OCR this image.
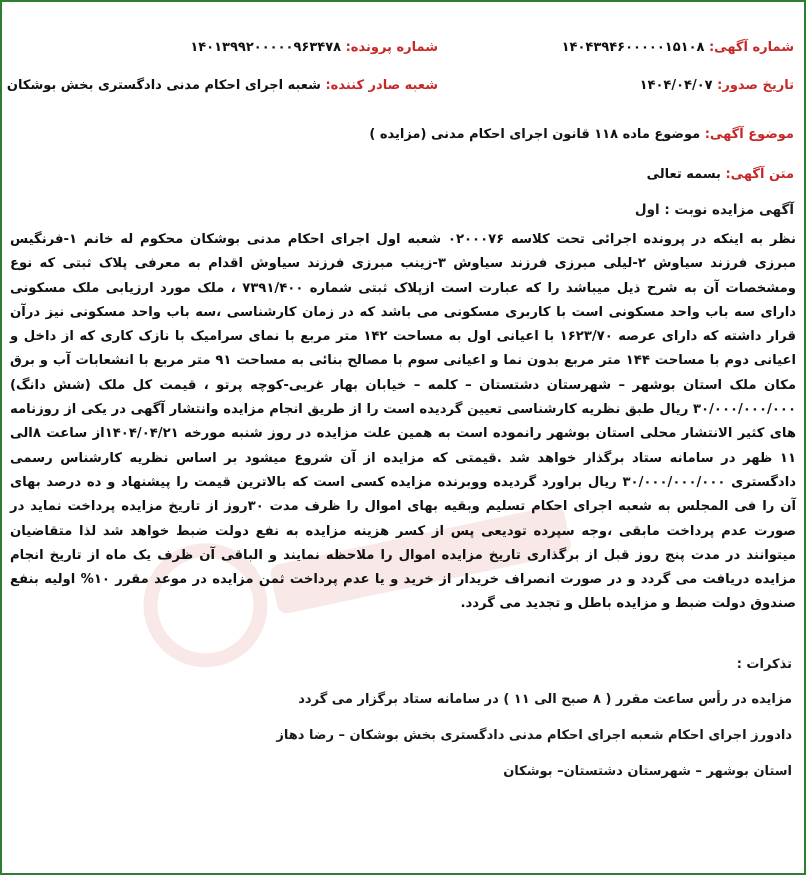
شماره آگهی: ۱۴۰۴۳۹۴۶۰۰۰۰۰۱۵۱۰۸
شماره پرونده: ۱۴۰۱۳۹۹۲۰۰۰۰۰۹۶۳۴۷۸
تاریخ صدور: ۱۴۰۴/۰۴/۰۷
شعبه صادر کننده: شعبه اجرای احکام مدنی دادگستری بخش بوشکان
موضوع آگهی: موضوع ماده ۱۱۸ قانون اجرای احکام مدنی (مزایده )
متن آگهی: بسمه تعالی
آگهی مزایده نوبت : اول
نظر به اینکه در پرونده اجرائی تحت کلاسه ۰۲۰۰۰۷۶ شعبه اول اجرای احکام مدنی بوشکان محکوم له خانم ۱-فرنگیس مبرزی فرزند سیاوش ۲-لیلی مبرزی فرزند سیاوش ۳-زینب مبرزی فرزند سیاوش اقدام به معرفی پلاک ثبتی که نوع ومشخصات آن به شرح ذیل میباشد را که عبارت است ازپلاک ثبتی شماره ۷۳۹۱/۴۰۰ ، ملک مورد ارزیابی ملک مسکونی دارای سه باب واحد مسکونی است با کاربری مسکونی می باشد که در زمان کارشناسی ،سه باب واحد مسکونی نیز درآن قرار داشته که دارای عرصه ۱۶۲۳/۷۰ با اعیانی اول به مساحت ۱۴۲ متر مربع با نمای سرامیک با نازک کاری که از داخل و اعیانی دوم با مساحت ۱۴۴ متر مربع بدون نما و اعیانی سوم با مصالح بنائی به مساحت ۹۱ متر مربع با انشعابات آب و برق مکان ملک استان بوشهر – شهرستان دشتستان – کلمه – خیابان بهار غربی-کوچه پرتو ، قیمت کل ملک (شش دانگ) ۳۰/۰۰۰/۰۰۰/۰۰۰ ریال طبق نظریه کارشناسی تعیین گردیده است را از طریق انجام مزایده وانتشار آگهی در یکی از روزنامه های کثیر الانتشار محلی استان بوشهر رانموده است به همین علت مزایده در روز شنبه مورخه ۱۴۰۴/۰۴/۲۱از ساعت ۸الی ۱۱ ظهر در سامانه ستاد برگذار خواهد شد .قیمتی که مزایده از آن شروع میشود بر اساس نظریه کارشناس رسمی دادگستری ۳۰/۰۰۰/۰۰۰/۰۰۰ ریال براورد گردیده ووبرنده مزایده کسی است که بالاترین قیمت را پیشنهاد و ده درصد بهای آن را فی المجلس به شعبه اجرای احکام تسلیم وبقیه بهای اموال را ظرف مدت ۳۰روز از تاریخ مزایده پرداخت نماید در صورت عدم پرداخت مابقی ،وجه سپرده تودیعی پس از کسر هزینه مزایده به نفع دولت ضبط خواهد شد لذا متقاضیان میتوانند در مدت پنج روز قبل از برگذاری تاریخ مزایده اموال را ملاحظه نمایند و الباقی آن ظرف یک ماه از تاریخ انجام مزایده دریافت می گردد و در صورت انصراف خریدار از خرید و یا عدم پرداخت ثمن مزایده در موعد مقرر ۱۰% اولیه بنفع صندوق دولت ضبط و مزایده باطل و تجدید می گردد.
تذکرات :
مزایده در رأس ساعت مقرر ( ۸ صبح الی ۱۱ ) در سامانه ستاد برگزار می گردد
دادورز اجرای احکام شعبه اجرای احکام مدنی دادگستری بخش بوشکان – رضا دهاز
استان بوشهر – شهرستان دشتستان– بوشکان
